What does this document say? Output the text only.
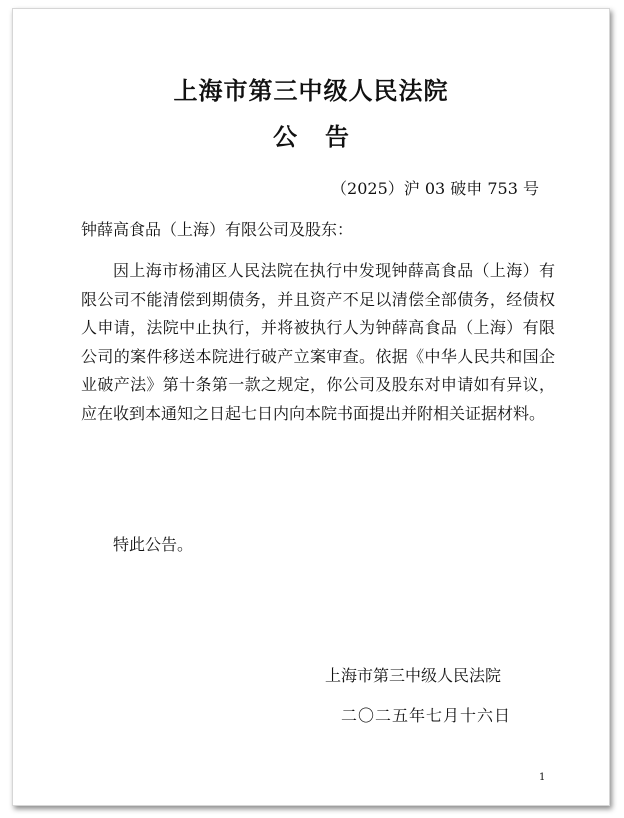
上海市第三中级人民法院
公告
（2025）沪 03 破申 753 号
钟薛高食品（上海）有限公司及股东：

因上海市杨浦区人民法院在执行中发现钟薛高食品（上海）有限公司不能清偿到期债务，并且资产不足以清偿全部债务，经债权人申请，法院中止执行，并将被执行人为钟薛高食品（上海）有限公司的案件移送本院进行破产立案审查。依据《中华人民共和国企业破产法》第十条第一款之规定，你公司及股东对申请如有异议，应在收到本通知之日起七日内向本院书面提出并附相关证据材料。

特此公告。
上海市第三中级人民法院
二〇二五年七月十六日
1
